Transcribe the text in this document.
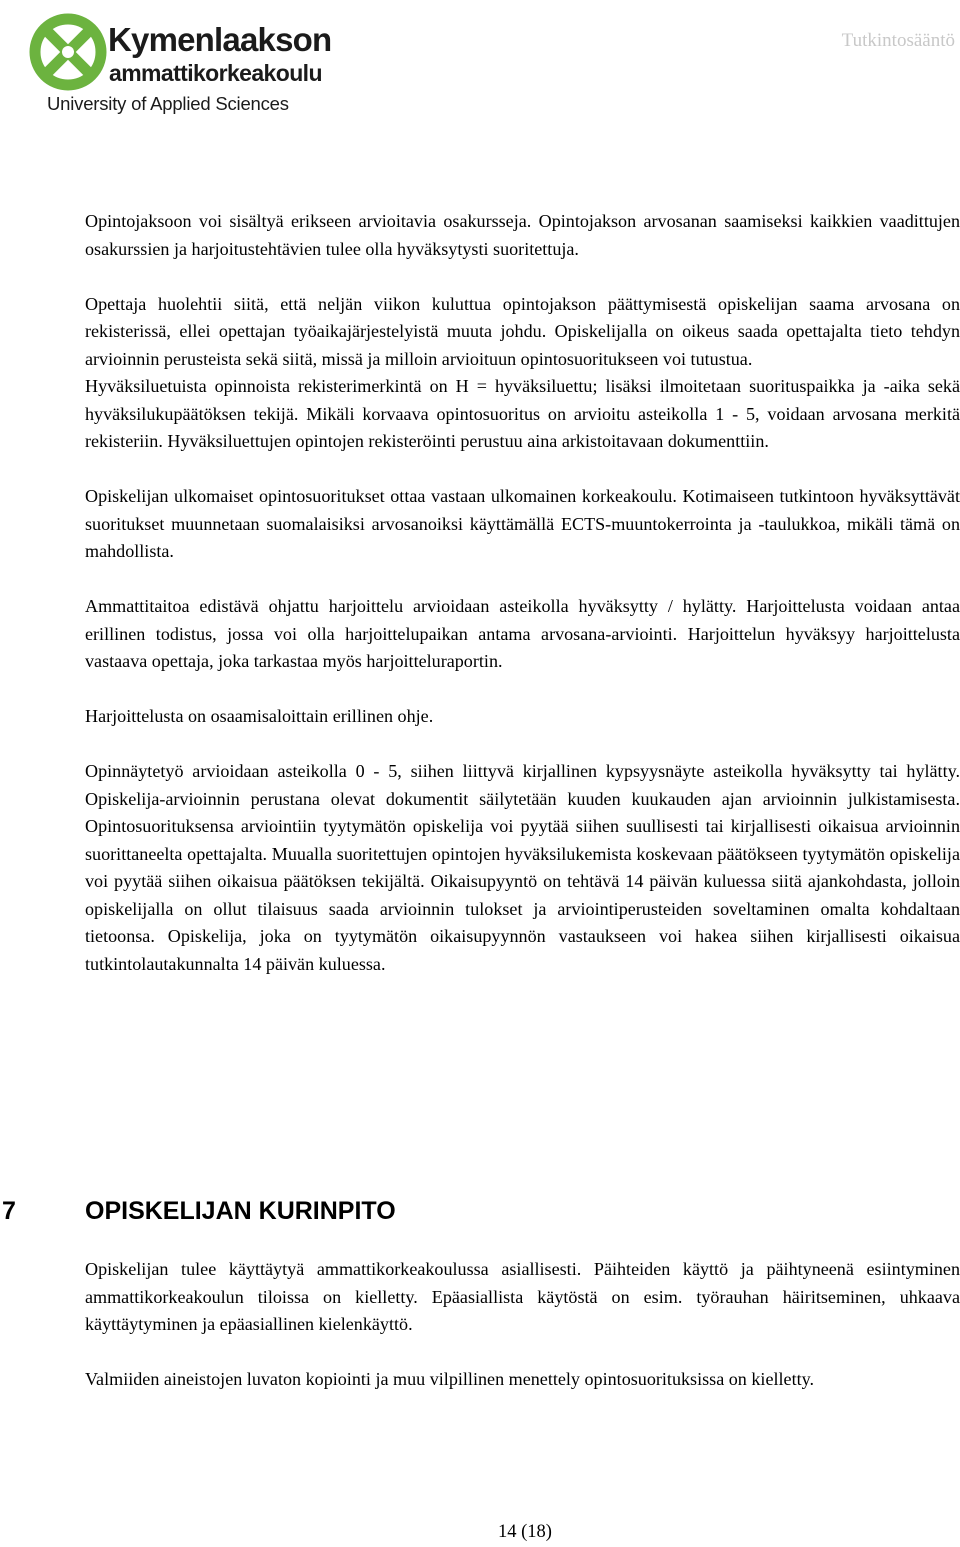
Kymenlaakson
ammattikorkeakoulu
University of Applied Sciences
Tutkintosääntö

Opintojaksoon voi sisältyä erikseen arvioitavia osakursseja. Opintojakson arvosanan saamiseksi kaikkien vaadittujen osakurssien ja harjoitustehtävien tulee olla hyväksytysti suoritettuja.

Opettaja huolehtii siitä, että neljän viikon kuluttua opintojakson päättymisestä opiskelijan saama arvosana on rekisterissä, ellei opettajan työaikajärjestelyistä muuta johdu. Opiskelijalla on oikeus saada opettajalta tieto tehdyn arvioinnin perusteista sekä siitä, missä ja milloin arvioituun opintosuoritukseen voi tutustua.

Hyväksiluetuista opinnoista rekisterimerkintä on H = hyväksiluettu; lisäksi ilmoitetaan suorituspaikka ja -aika sekä hyväksilukupäätöksen tekijä. Mikäli korvaava opintosuoritus on arvioitu asteikolla 1 - 5, voidaan arvosana merkitä rekisteriin. Hyväksiluettujen opintojen rekisteröinti perustuu aina arkistoitavaan dokumenttiin.

Opiskelijan ulkomaiset opintosuoritukset ottaa vastaan ulkomainen korkeakoulu. Kotimaiseen tutkintoon hyväksyttävät suoritukset muunnetaan suomalaisiksi arvosanoiksi käyttämällä ECTS-muuntokerrointa ja -taulukkoa, mikäli tämä on mahdollista.

Ammattitaitoa edistävä ohjattu harjoittelu arvioidaan asteikolla hyväksytty / hylätty. Harjoittelusta voidaan antaa erillinen todistus, jossa voi olla harjoittelupaikan antama arvosana-arviointi. Harjoittelun hyväksyy harjoittelusta vastaava opettaja, joka tarkastaa myös harjoitteluraportin.

Harjoittelusta on osaamisaloittain erillinen ohje.

Opinnäytetyö arvioidaan asteikolla 0 - 5, siihen liittyvä kirjallinen kypsyysnäyte asteikolla hyväksytty tai hylätty. Opiskelija-arvioinnin perustana olevat dokumentit säilytetään kuuden kuukauden ajan arvioinnin julkistamisesta. Opintosuorituksensa arviointiin tyytymätön opiskelija voi pyytää siihen suullisesti tai kirjallisesti oikaisua arvioinnin suorittaneelta opettajalta. Muualla suoritettujen opintojen hyväksilukemista koskevaan päätökseen tyytymätön opiskelija voi pyytää siihen oikaisua päätöksen tekijältä. Oikaisupyyntö on tehtävä 14 päivän kuluessa siitä ajankohdasta, jolloin opiskelijalla on ollut tilaisuus saada arvioinnin tulokset ja arviointiperusteiden soveltaminen omalta kohdaltaan tietoonsa. Opiskelija, joka on tyytymätön oikaisupyynnön vastaukseen voi hakea siihen kirjallisesti oikaisua tutkintolautakunnalta 14 päivän kuluessa.

7	OPISKELIJAN KURINPITO

Opiskelijan tulee käyttäytyä ammattikorkeakoulussa asiallisesti. Päihteiden käyttö ja päihtyneenä esiintyminen ammattikorkeakoulun tiloissa on kielletty. Epäasiallista käytöstä on esim. työrauhan häiritseminen, uhkaava käyttäytyminen ja epäasiallinen kielenkäyttö.

Valmiiden aineistojen luvaton kopiointi ja muu vilpillinen menettely opintosuorituksissa on kielletty.

14 (18)
